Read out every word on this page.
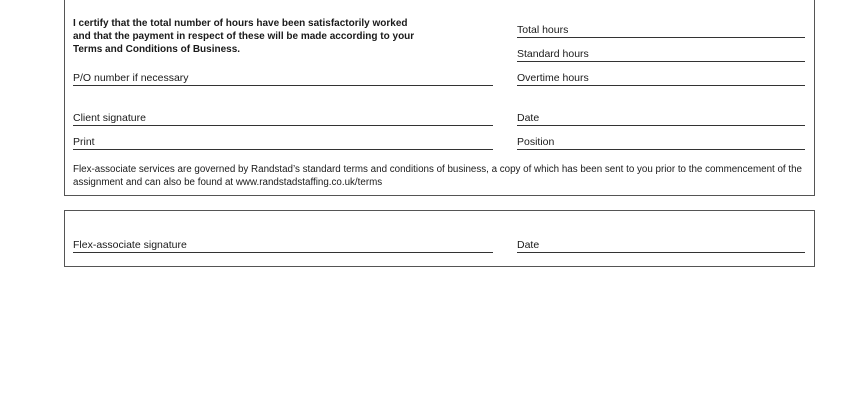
I certify that the total number of hours have been satisfactorily worked
and that the payment in respect of these will be made according to your
Terms and Conditions of Business.
Total hours
Standard hours
Overtime hours
P/O number if necessary
Client signature	Date
Print	Position
Flex-associate services are governed by Randstad’s standard terms and conditions of business, a copy of which has been sent to you prior to the commencement of the
assignment and can also be found at www.randstadstaffing.co.uk/terms
Flex-associate signature	Date
